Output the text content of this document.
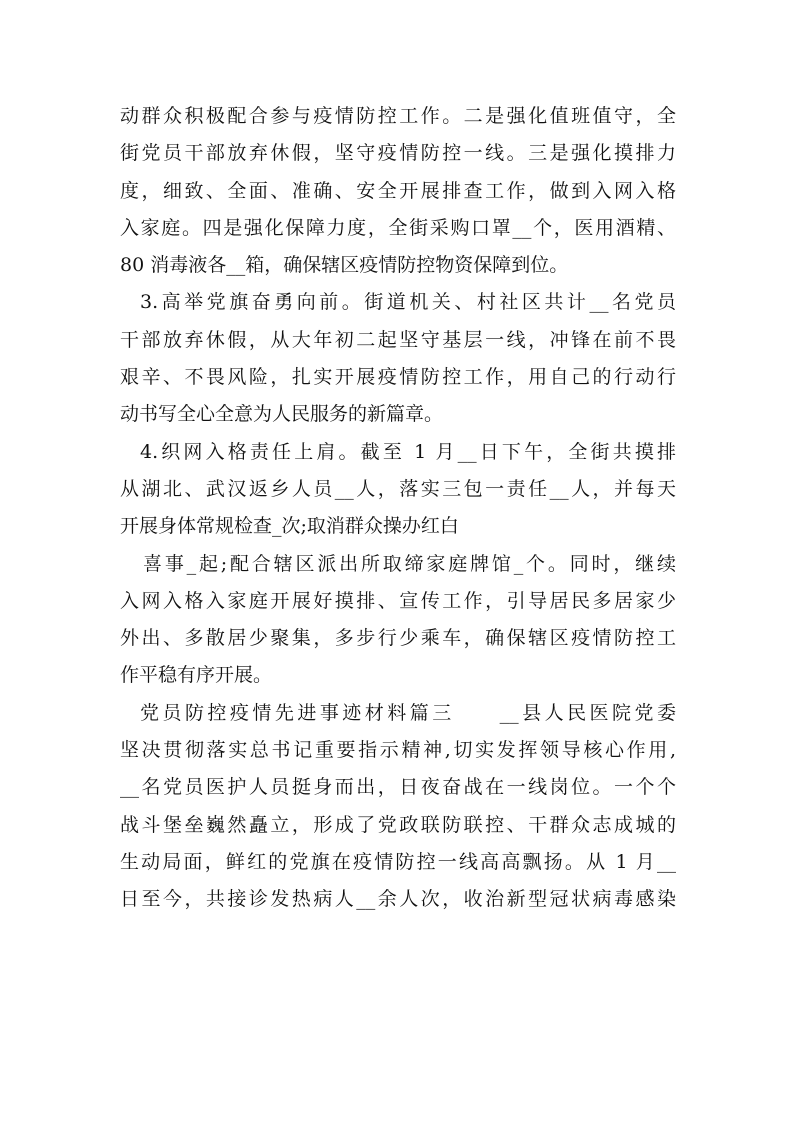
动群众积极配合参与疫情防控工作。二是强化值班值守，全
街党员干部放弃休假，坚守疫情防控一线。三是强化摸排力
度，细致、全面、准确、安全开展排查工作，做到入网入格
入家庭。四是强化保障力度，全街采购口罩__个，医用酒精、
80 消毒液各__箱，确保辖区疫情防控物资保障到位。
3.高举党旗奋勇向前。街道机关、村社区共计__名党员
干部放弃休假，从大年初二起坚守基层一线，冲锋在前不畏
艰辛、不畏风险，扎实开展疫情防控工作，用自己的行动行
动书写全心全意为人民服务的新篇章。
4.织网入格责任上肩。截至 1 月__日下午，全街共摸排
从湖北、武汉返乡人员__人，落实三包一责任__人，并每天
开展身体常规检查_次;取消群众操办红白
喜事_起;配合辖区派出所取缔家庭牌馆_个。同时，继续
入网入格入家庭开展好摸排、宣传工作，引导居民多居家少
外出、多散居少聚集，多步行少乘车，确保辖区疫情防控工
作平稳有序开展。
党员防控疫情先进事迹材料篇三　　__县人民医院党委
坚决贯彻落实总书记重要指示精神,切实发挥领导核心作用,
__名党员医护人员挺身而出，日夜奋战在一线岗位。一个个
战斗堡垒巍然矗立，形成了党政联防联控、干群众志成城的
生动局面，鲜红的党旗在疫情防控一线高高飘扬。从 1 月__
日至今，共接诊发热病人__余人次，收治新型冠状病毒感染
